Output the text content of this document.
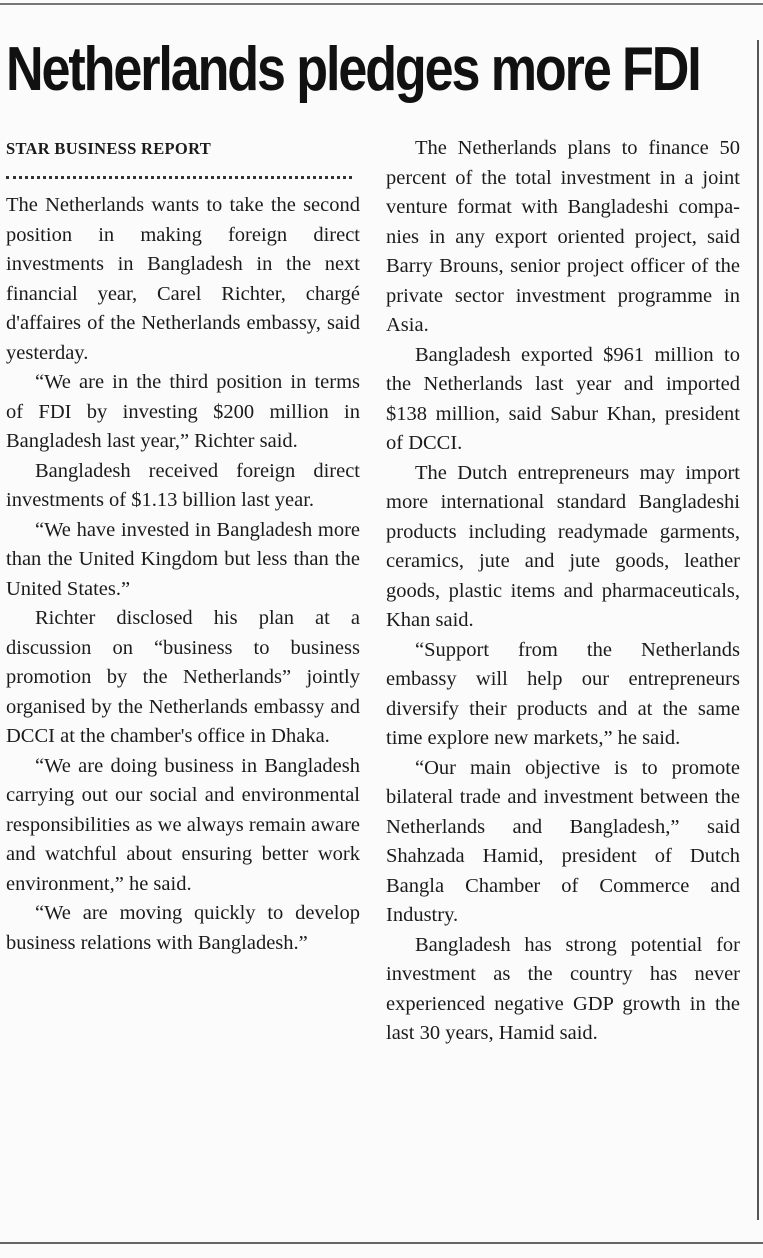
Netherlands pledges more FDI
STAR BUSINESS REPORT

The Netherlands wants to take the second position in making foreign direct investments in Bangladesh in the next financial year, Carel Richter, chargé d'affaires of the Netherlands embassy, said yesterday.

“We are in the third position in terms of FDI by investing $200 million in Bangladesh last year,” Richter said.

Bangladesh received foreign direct investments of $1.13 billion last year.

“We have invested in Bangladesh more than the United Kingdom but less than the United States.”

Richter disclosed his plan at a discussion on “business to business promotion by the Netherlands” jointly organised by the Netherlands embassy and DCCI at the chamber's office in Dhaka.

“We are doing business in Bangladesh carrying out our social and environmental responsibilities as we always remain aware and watchful about ensuring better work environment,” he said.

“We are moving quickly to develop business relations with Bangladesh.”

The Netherlands plans to finance 50 percent of the total investment in a joint venture format with Bangladeshi companies in any export oriented project, said Barry Brouns, senior project officer of the private sector investment programme in Asia.

Bangladesh exported $961 million to the Netherlands last year and imported $138 million, said Sabur Khan, president of DCCI.

The Dutch entrepreneurs may import more international standard Bangladeshi products including readymade garments, ceramics, jute and jute goods, leather goods, plastic items and pharmaceuticals, Khan said.

“Support from the Netherlands embassy will help our entrepreneurs diversify their products and at the same time explore new markets,” he said.

“Our main objective is to promote bilateral trade and investment between the Netherlands and Bangladesh,” said Shahzada Hamid, president of Dutch Bangla Chamber of Commerce and Industry.

Bangladesh has strong potential for investment as the country has never experienced negative GDP growth in the last 30 years, Hamid said.
